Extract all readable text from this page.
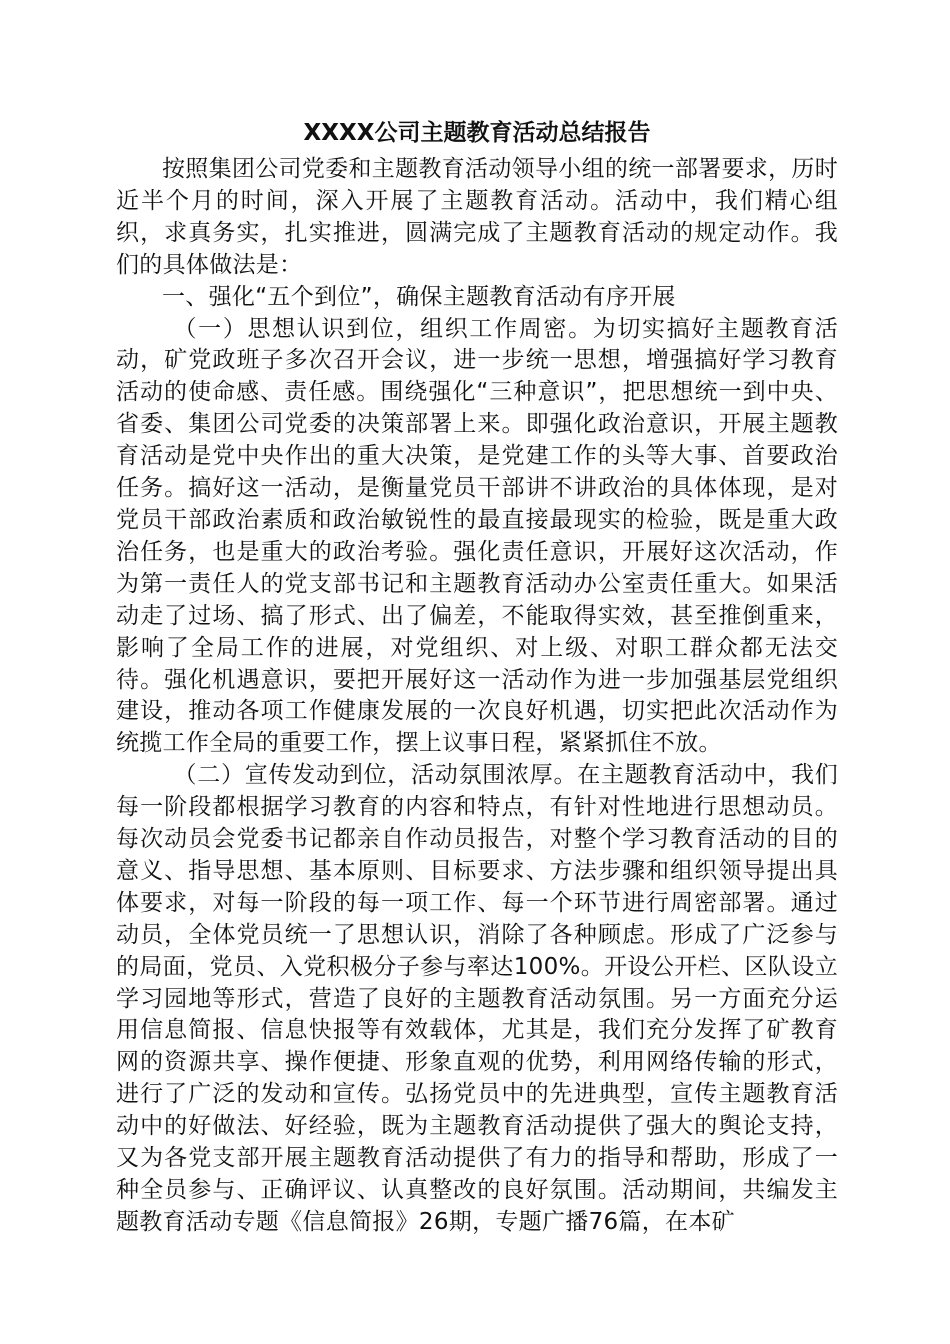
XXXX公司主题教育活动总结报告

按照集团公司党委和主题教育活动领导小组的统一部署要求，历时近半个月的时间，深入开展了主题教育活动。活动中，我们精心组织，求真务实，扎实推进，圆满完成了主题教育活动的规定动作。我们的具体做法是：

一、强化“五个到位”，确保主题教育活动有序开展

（一）思想认识到位，组织工作周密。为切实搞好主题教育活动，矿党政班子多次召开会议，进一步统一思想，增强搞好学习教育活动的使命感、责任感。围绕强化“三种意识”，把思想统一到中央、省委、集团公司党委的决策部署上来。即强化政治意识，开展主题教育活动是党中央作出的重大决策，是党建工作的头等大事、首要政治任务。搞好这一活动，是衡量党员干部讲不讲政治的具体体现，是对党员干部政治素质和政治敏锐性的最直接最现实的检验，既是重大政治任务，也是重大的政治考验。强化责任意识，开展好这次活动，作为第一责任人的党支部书记和主题教育活动办公室责任重大。如果活动走了过场、搞了形式、出了偏差，不能取得实效，甚至推倒重来，影响了全局工作的进展，对党组织、对上级、对职工群众都无法交待。强化机遇意识，要把开展好这一活动作为进一步加强基层党组织建设，推动各项工作健康发展的一次良好机遇，切实把此次活动作为统揽工作全局的重要工作，摆上议事日程，紧紧抓住不放。

（二）宣传发动到位，活动氛围浓厚。在主题教育活动中，我们每一阶段都根据学习教育的内容和特点，有针对性地进行思想动员。每次动员会党委书记都亲自作动员报告，对整个学习教育活动的目的意义、指导思想、基本原则、目标要求、方法步骤和组织领导提出具体要求，对每一阶段的每一项工作、每一个环节进行周密部署。通过动员，全体党员统一了思想认识，消除了各种顾虑。形成了广泛参与的局面，党员、入党积极分子参与率达100%。开设公开栏、区队设立学习园地等形式，营造了良好的主题教育活动氛围。另一方面充分运用信息简报、信息快报等有效载体，尤其是，我们充分发挥了矿教育网的资源共享、操作便捷、形象直观的优势，利用网络传输的形式，进行了广泛的发动和宣传。弘扬党员中的先进典型，宣传主题教育活动中的好做法、好经验，既为主题教育活动提供了强大的舆论支持，又为各党支部开展主题教育活动提供了有力的指导和帮助，形成了一种全员参与、正确评议、认真整改的良好氛围。活动期间，共编发主题教育活动专题《信息简报》26期，专题广播76篇，在本矿
